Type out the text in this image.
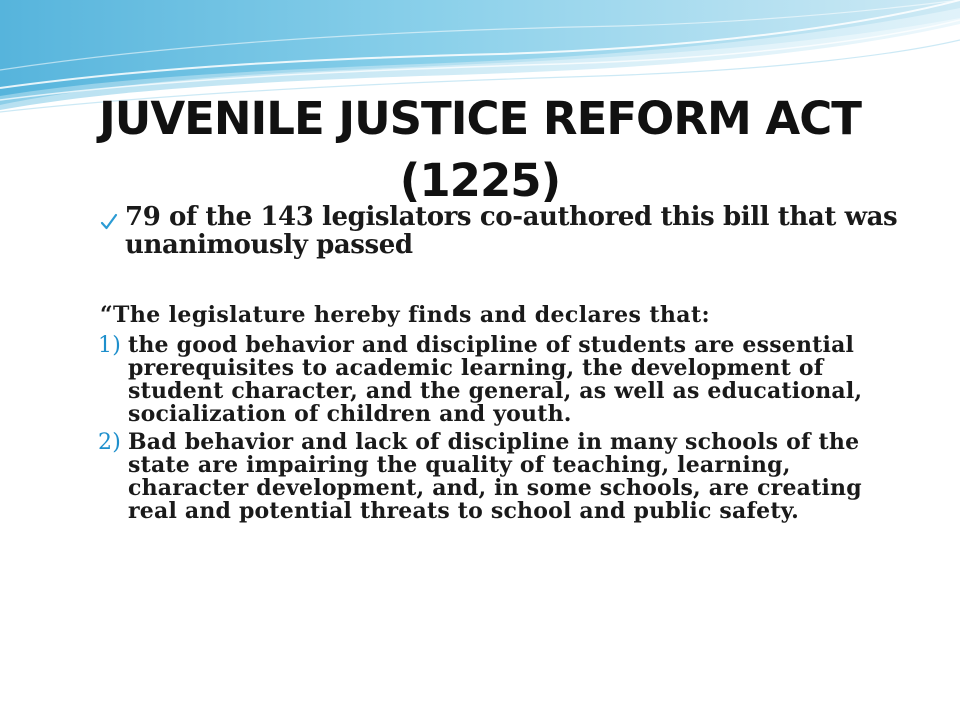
JUVENILE JUSTICE REFORM ACT
(1225)
79 of the 143 legislators co-authored this bill that was unanimously passed
“The legislature hereby finds and declares that:
1) the good behavior and discipline of students are essential prerequisites to academic learning, the development of student character, and the general, as well as educational, socialization of children and youth.
2) Bad behavior and lack of discipline in many schools of the state are impairing the quality of teaching, learning, character development, and, in some schools, are creating real and potential threats to school and public safety.
